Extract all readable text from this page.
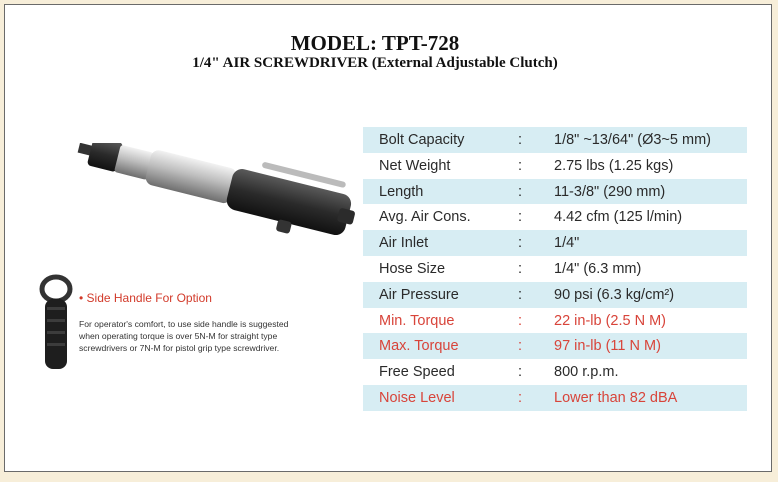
MODEL: TPT-728
1/4" AIR SCREWDRIVER (External Adjustable Clutch)
• Side Handle For Option
For operator's comfort, to use side handle is suggested when operating torque is over 5N-M for straight type screwdrivers or 7N-M for pistol grip type screwdriver.
Bolt Capacity	: 1/8" ~13/64" (Ø3~5 mm)
Net Weight	: 2.75 lbs (1.25 kgs)
Length	: 11-3/8" (290 mm)
Avg. Air Cons.	: 4.42 cfm (125 l/min)
Air Inlet	: 1/4"
Hose Size	: 1/4" (6.3 mm)
Air Pressure	: 90 psi (6.3 kg/cm²)
Min. Torque	: 22 in-lb (2.5 N M)
Max. Torque	: 97 in-lb (11 N M)
Free Speed	: 800 r.p.m.
Noise Level	: Lower than 82 dBA
